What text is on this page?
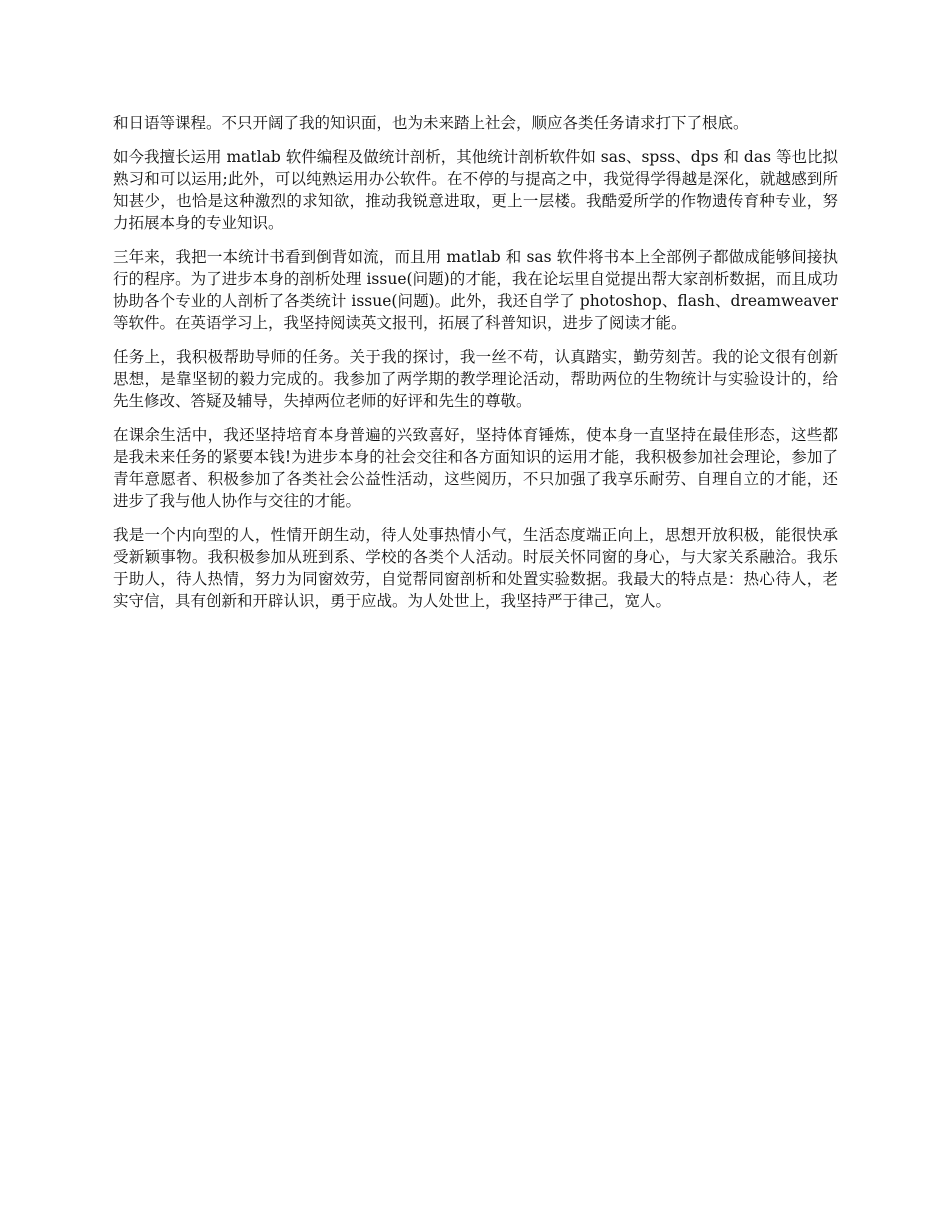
和日语等课程。不只开阔了我的知识面，也为未来踏上社会，顺应各类任务请求打下了根底。

如今我擅长运用 matlab 软件编程及做统计剖析，其他统计剖析软件如 sas、spss、dps 和 das 等也比拟熟习和可以运用;此外，可以纯熟运用办公软件。在不停的与提高之中，我觉得学得越是深化，就越感到所知甚少，也恰是这种激烈的求知欲，推动我锐意进取，更上一层楼。我酷爱所学的作物遗传育种专业，努力拓展本身的专业知识。

三年来，我把一本统计书看到倒背如流，而且用 matlab 和 sas 软件将书本上全部例子都做成能够间接执行的程序。为了进步本身的剖析处理 issue(问题)的才能，我在论坛里自觉提出帮大家剖析数据，而且成功协助各个专业的人剖析了各类统计 issue(问题)。此外，我还自学了 photoshop、flash、dreamweaver 等软件。在英语学习上，我坚持阅读英文报刊，拓展了科普知识，进步了阅读才能。

任务上，我积极帮助导师的任务。关于我的探讨，我一丝不苟，认真踏实，勤劳刻苦。我的论文很有创新思想，是靠坚韧的毅力完成的。我参加了两学期的教学理论活动，帮助两位的生物统计与实验设计的，给先生修改、答疑及辅导，失掉两位老师的好评和先生的尊敬。

在课余生活中，我还坚持培育本身普遍的兴致喜好，坚持体育锤炼，使本身一直坚持在最佳形态，这些都是我未来任务的紧要本钱!为进步本身的社会交往和各方面知识的运用才能，我积极参加社会理论，参加了青年意愿者、积极参加了各类社会公益性活动，这些阅历，不只加强了我享乐耐劳、自理自立的才能，还进步了我与他人协作与交往的才能。

我是一个内向型的人，性情开朗生动，待人处事热情小气，生活态度端正向上，思想开放积极，能很快承受新颖事物。我积极参加从班到系、学校的各类个人活动。时辰关怀同窗的身心，与大家关系融洽。我乐于助人，待人热情，努力为同窗效劳，自觉帮同窗剖析和处置实验数据。我最大的特点是：热心待人，老实守信，具有创新和开辟认识，勇于应战。为人处世上，我坚持严于律己，宽人。
